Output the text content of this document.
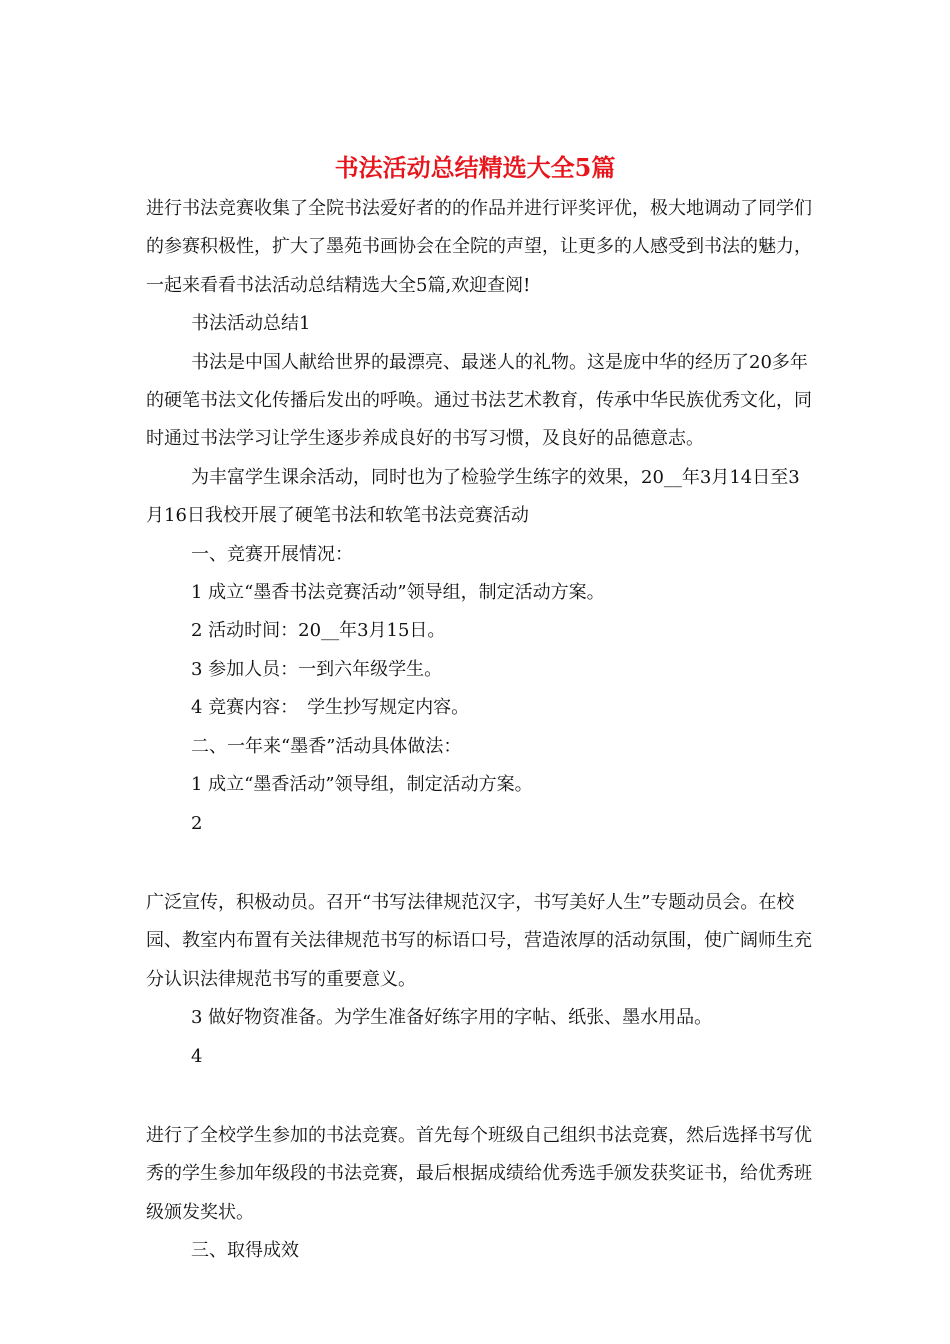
书法活动总结精选大全5篇

进行书法竞赛收集了全院书法爱好者的的作品并进行评奖评优，极大地调动了同学们的参赛积极性，扩大了墨苑书画协会在全院的声望，让更多的人感受到书法的魅力，一起来看看书法活动总结精选大全5篇,欢迎查阅!

书法活动总结1

书法是中国人献给世界的最漂亮、最迷人的礼物。这是庞中华的经历了20多年的硬笔书法文化传播后发出的呼唤。通过书法艺术教育，传承中华民族优秀文化，同时通过书法学习让学生逐步养成良好的书写习惯，及良好的品德意志。

为丰富学生课余活动，同时也为了检验学生练字的效果，20__年3月14日至3月16日我校开展了硬笔书法和软笔书法竞赛活动

一、竞赛开展情况：

1 成立“墨香书法竞赛活动”领导组，制定活动方案。

2 活动时间：20__年3月15日。

3 参加人员：一到六年级学生。

4 竞赛内容：　学生抄写规定内容。

二、一年来“墨香”活动具体做法：

1 成立“墨香活动”领导组，制定活动方案。

2

广泛宣传，积极动员。召开“书写法律规范汉字，书写美好人生”专题动员会。在校园、教室内布置有关法律规范书写的标语口号，营造浓厚的活动氛围，使广阔师生充分认识法律规范书写的重要意义。

3 做好物资准备。为学生准备好练字用的字帖、纸张、墨水用品。

4

进行了全校学生参加的书法竞赛。首先每个班级自己组织书法竞赛，然后选择书写优秀的学生参加年级段的书法竞赛，最后根据成绩给优秀选手颁发获奖证书，给优秀班级颁发奖状。

三、取得成效
